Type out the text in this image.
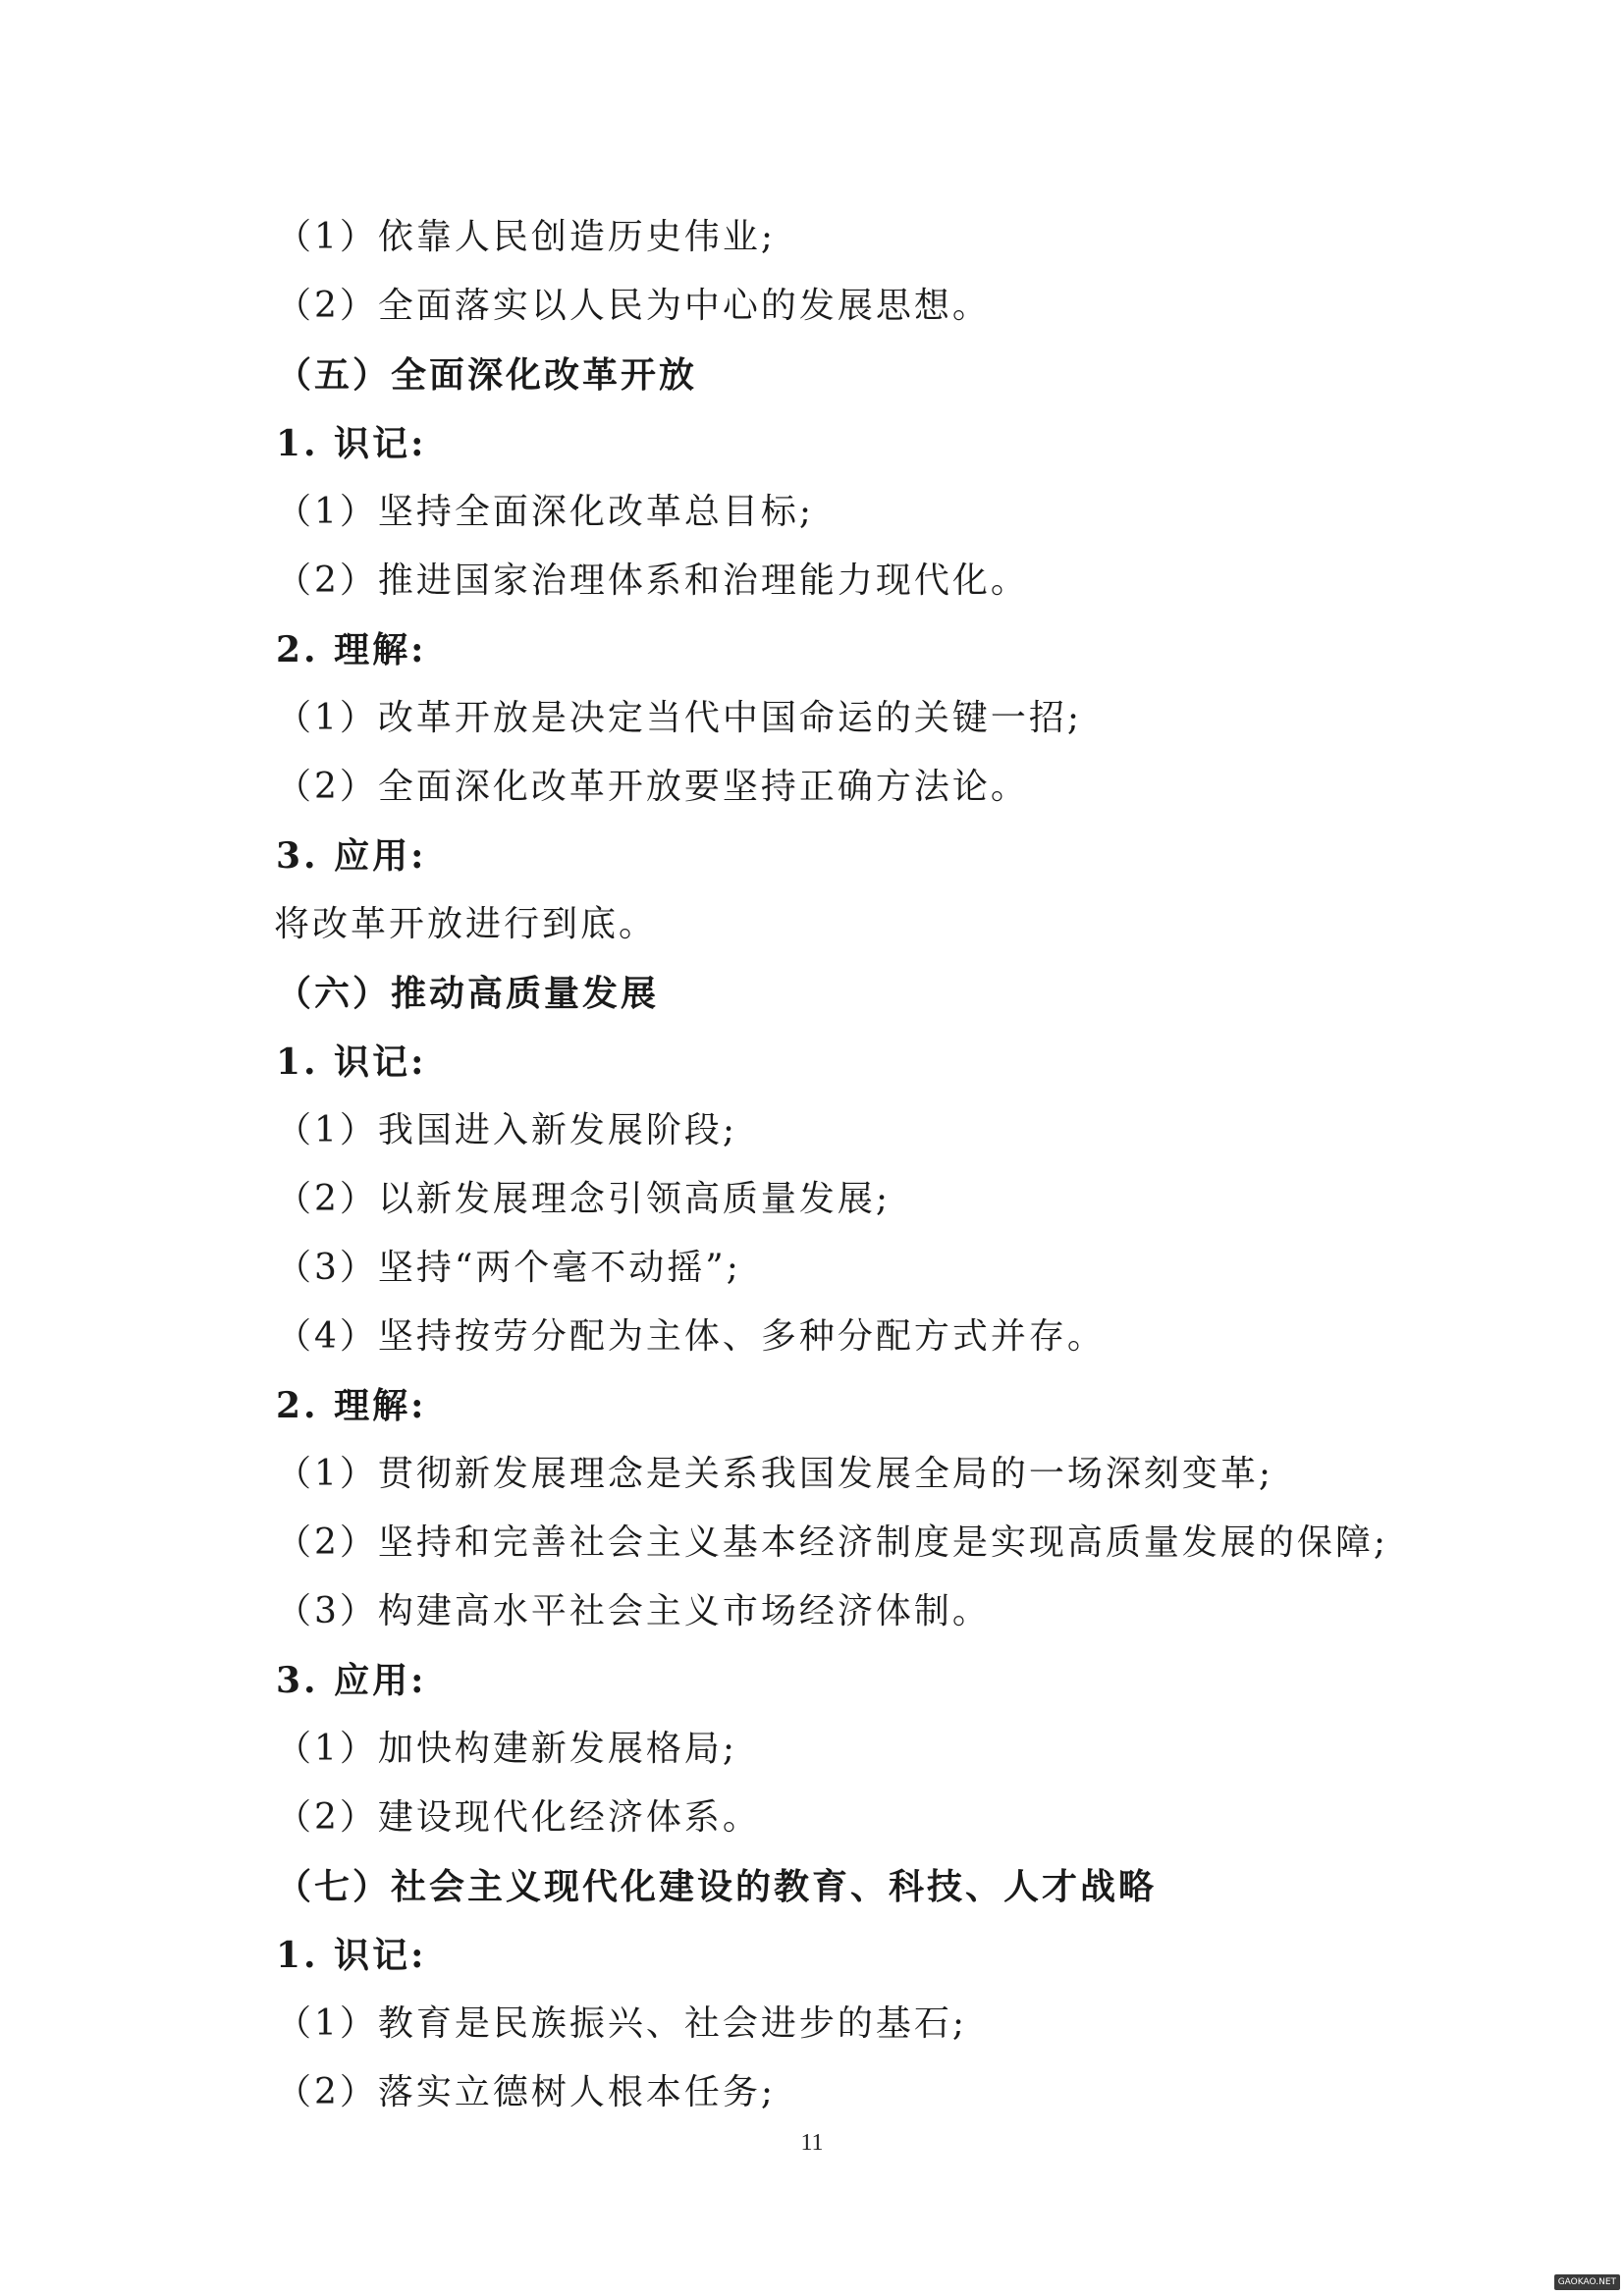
（1）依靠人民创造历史伟业;
（2）全面落实以人民为中心的发展思想。
（五）全面深化改革开放
1. 识记:
（1）坚持全面深化改革总目标;
（2）推进国家治理体系和治理能力现代化。
2. 理解:
（1）改革开放是决定当代中国命运的关键一招;
（2）全面深化改革开放要坚持正确方法论。
3. 应用:
将改革开放进行到底。
（六）推动高质量发展
1. 识记:
（1）我国进入新发展阶段;
（2）以新发展理念引领高质量发展;
（3）坚持“两个毫不动摇”;
（4）坚持按劳分配为主体、多种分配方式并存。
2. 理解:
（1）贯彻新发展理念是关系我国发展全局的一场深刻变革;
（2）坚持和完善社会主义基本经济制度是实现高质量发展的保障;
（3）构建高水平社会主义市场经济体制。
3. 应用:
（1）加快构建新发展格局;
（2）建设现代化经济体系。
（七）社会主义现代化建设的教育、科技、人才战略
1. 识记:
（1）教育是民族振兴、社会进步的基石;
（2）落实立德树人根本任务;
11
GAOKAO.NET
